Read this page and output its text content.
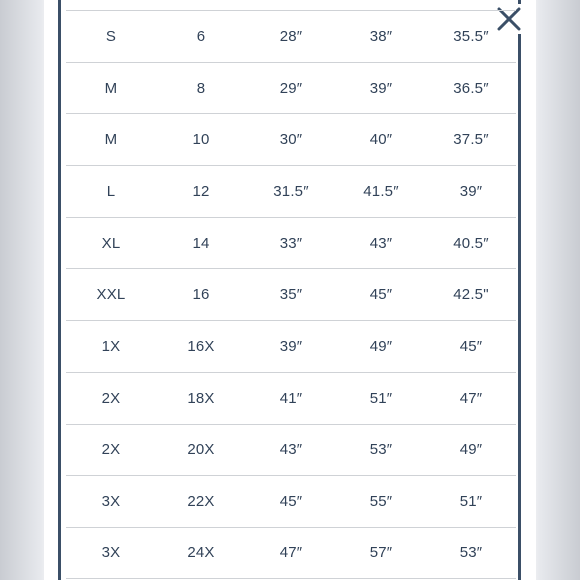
S	6	28″	38″	35.5″
M	8	29″	39″	36.5″
M	10	30″	40″	37.5″
L	12	31.5″	41.5″	39″
XL	14	33″	43″	40.5″
XXL	16	35″	45″	42.5"
1X	16X	39″	49″	45″
2X	18X	41″	51″	47″
2X	20X	43″	53″	49″
3X	22X	45″	55″	51″
3X	24X	47″	57″	53″
